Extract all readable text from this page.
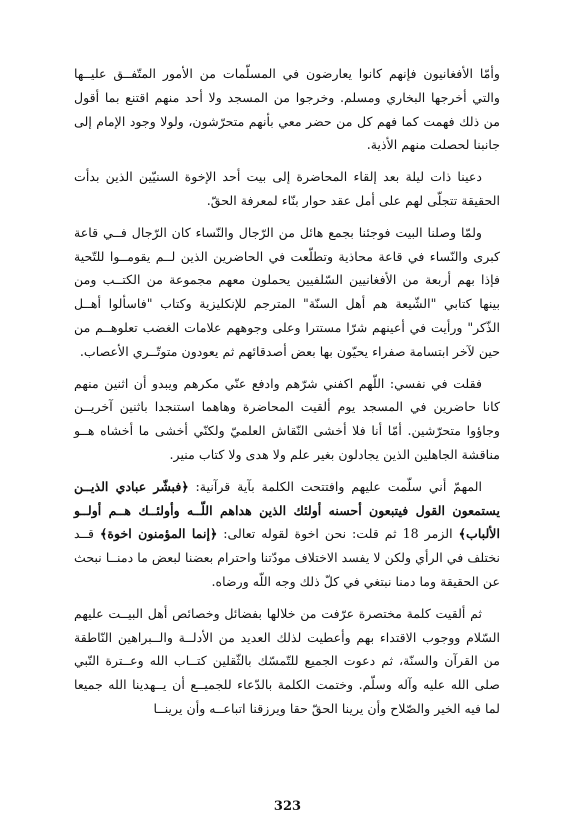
وأمّا الأفغانيون فإنهم كانوا يعارضون في المسلّمات من الأمور المتّفــق عليــها والتي أخرجها البخاري ومسلم. وخرجوا من المسجد ولا أحد منهم اقتنع بما أقول من ذلك فهمت كما فهم كل من حضر معي بأنهم متحرّشون، ولولا وجود الإمام إلى جانبنا لحصلت منهم الأذية.

دعينا ذات ليلة بعد إلقاء المحاضرة إلى بيت أحد الإخوة السنيّين الذين بدأت الحقيقة تتجلّى لهم على أمل عقد حوار بنّاء لمعرفة الحقّ.

ولمّا وصلنا البيت فوجئنا بجمع هائل من الرّجال والنّساء كان الرّجال فــي قاعة كبرى والنّساء في قاعة محاذية وتطلّعت في الحاضرين الذين لــم يقومــوا للتّحية فإذا بهم أربعة من الأفغانيين السّلفيين يحملون معهم مجموعة من الكتــب ومن بينها كتابي "الشّيعة هم أهل السنّة" المترجم للإنكليزية وكتاب "فاسألوا أهــل الذّكر" ورأيت في أعينهم شرّا مستترا وعلى وجوههم علامات الغضب تعلوهــم من حين لآخر ابتسامة صفراء يحيّون بها بعض أصدقائهم ثم يعودون متوتّــري الأعصاب.

فقلت في نفسي: اللّهم اكفني شرّهم وادفع عنّي مكرهم ويبدو أن اثنين منهم كانا حاضرين في المسجد يوم ألقيت المحاضرة وهاهما استنجدا باثنين آخريــن وجاؤوا متحرّشين. أمّا أنا فلا أخشى النّقاش العلميّ ولكنّي أخشى ما أخشاه هــو مناقشة الجاهلين الذين يجادلون بغير علم ولا هدى ولا كتاب منير.

المهمّ أني سلّمت عليهم وافتتحت الكلمة بآية قرآنية: ﴿فبشّر عبادي الذيــن يستمعون القول فيتبعون أحسنه أولئك الذين هداهم اللّــه وأولئــك هــم أولــو الألباب﴾ الزمر 18 ثم قلت: نحن اخوة لقوله تعالى: ﴿إنما المؤمنون اخوة﴾ قــد نختلف في الرأي ولكن لا يفسد الاختلاف مودّتنا واحترام بعضنا لبعض ما دمنــا نبحث عن الحقيقة وما دمنا نبتغي في كلّ ذلك وجه اللّه ورضاه.

ثم ألقيت كلمة مختصرة عرّفت من خلالها بفضائل وخصائص أهل البيــت عليهم السّلام ووجوب الاقتداء بهم وأعطيت لذلك العديد من الأدلــة والــبراهين النّاطقة من القرآن والسنّة، ثم دعوت الجميع للتّمسّك بالثّقلين كتــاب الله وعــترة النّبي صلى الله عليه وآله وسلّم. وختمت الكلمة بالدّعاء للجميــع أن يــهدينا الله جميعا لما فيه الخير والصّلاح وأن يرينا الحقّ حقا ويرزقنا اتباعــه وأن يرينــا

323
